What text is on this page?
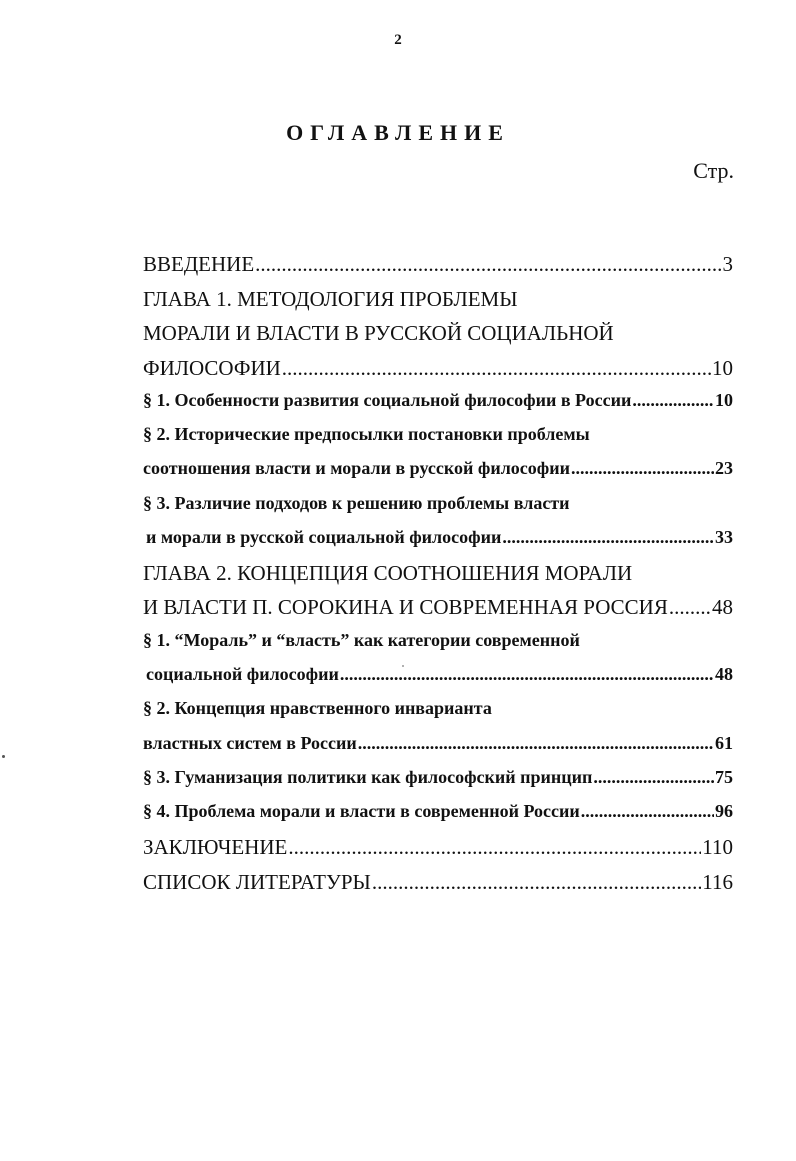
2
ОГЛАВЛЕНИЕ
Стр.
ВВЕДЕНИЕ .....	3
ГЛАВА 1. МЕТОДОЛОГИЯ ПРОБЛЕМЫ
МОРАЛИ И ВЛАСТИ В РУССКОЙ СОЦИАЛЬНОЙ
ФИЛОСОФИИ .....	10
§ 1. Особенности развития социальной философии в России .....	10
§ 2. Исторические предпосылки постановки проблемы
соотношения власти и морали в русской философии .....	23
§ 3. Различие подходов к решению проблемы власти
и морали в русской социальной философии .....	33
ГЛАВА 2. КОНЦЕПЦИЯ СООТНОШЕНИЯ МОРАЛИ
И ВЛАСТИ П. СОРОКИНА И СОВРЕМЕННАЯ РОССИЯ ..... 48
§ 1. “Мораль” и “власть” как категории современной
социальной философии .....	48
§ 2. Концепция нравственного инварианта
властных систем в России .....	61
§ 3. Гуманизация политики как философский принцип .....	75
§ 4. Проблема морали и власти в современной России .....	96
ЗАКЛЮЧЕНИЕ .....	110
СПИСОК ЛИТЕРАТУРЫ .....	116
